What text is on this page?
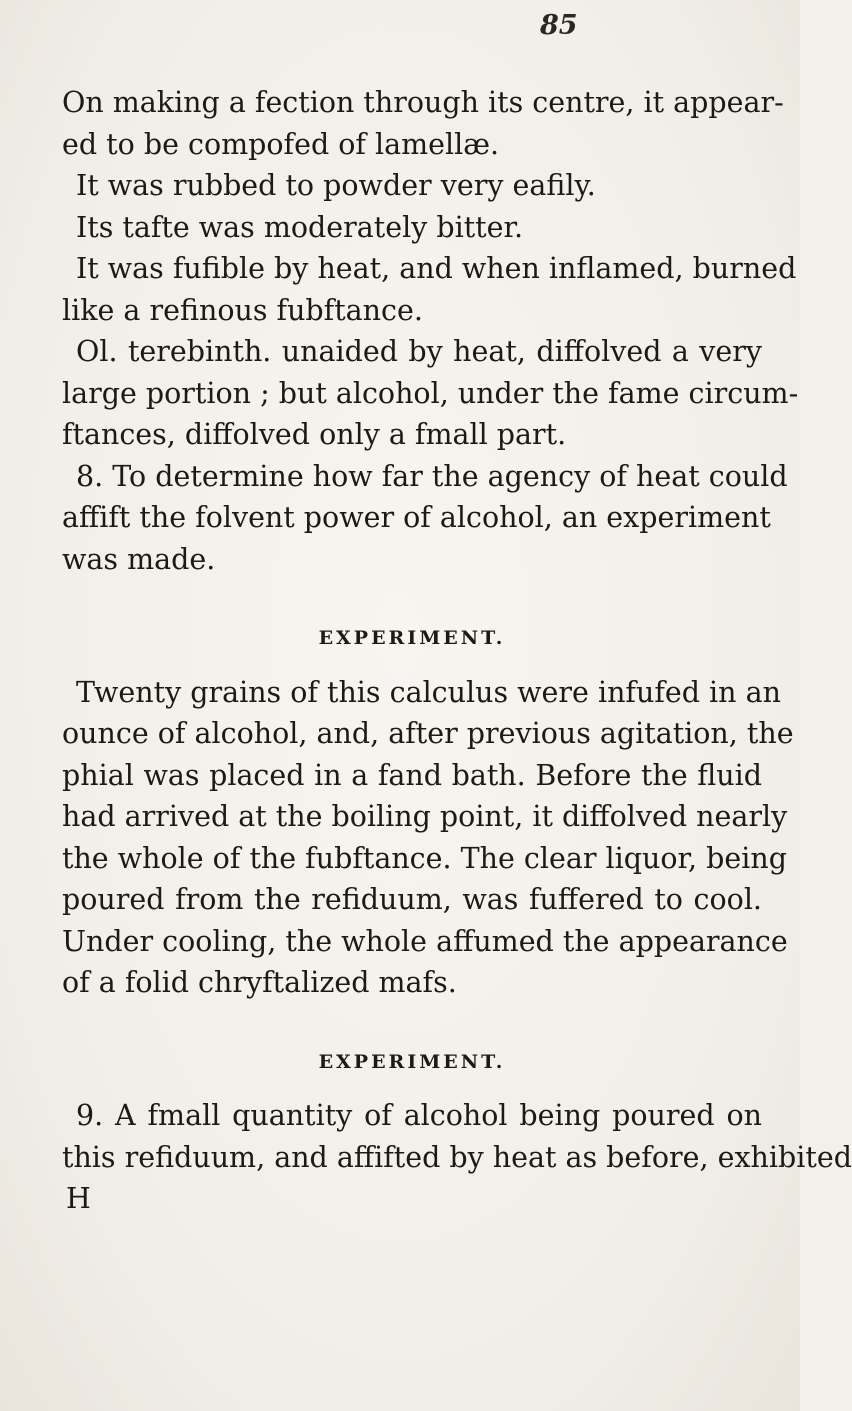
85
On making a fection through its centre, it appear-
ed to be compofed of lamellæ.
It was rubbed to powder very eafily.
Its tafte was moderately bitter.
It was fufible by heat, and when inflamed, burned
like a refinous fubftance.
Ol. terebinth. unaided by heat, diffolved a very
large portion ; but alcohol, under the fame circum-
ftances, diffolved only a fmall part.
8. To determine how far the agency of heat could
affift the folvent power of alcohol, an experiment
was made.
EXPERIMENT.
Twenty grains of this calculus were infufed in an
ounce of alcohol, and, after previous agitation, the
phial was placed in a fand bath. Before the fluid
had arrived at the boiling point, it diffolved nearly
the whole of the fubftance. The clear liquor, being
poured from the refiduum, was fuffered to cool.
Under cooling, the whole affumed the appearance
of a folid chryftalized mafs.
EXPERIMENT.
9. A fmall quantity of alcohol being poured on
this refiduum, and affifted by heat as before, exhibited
H
